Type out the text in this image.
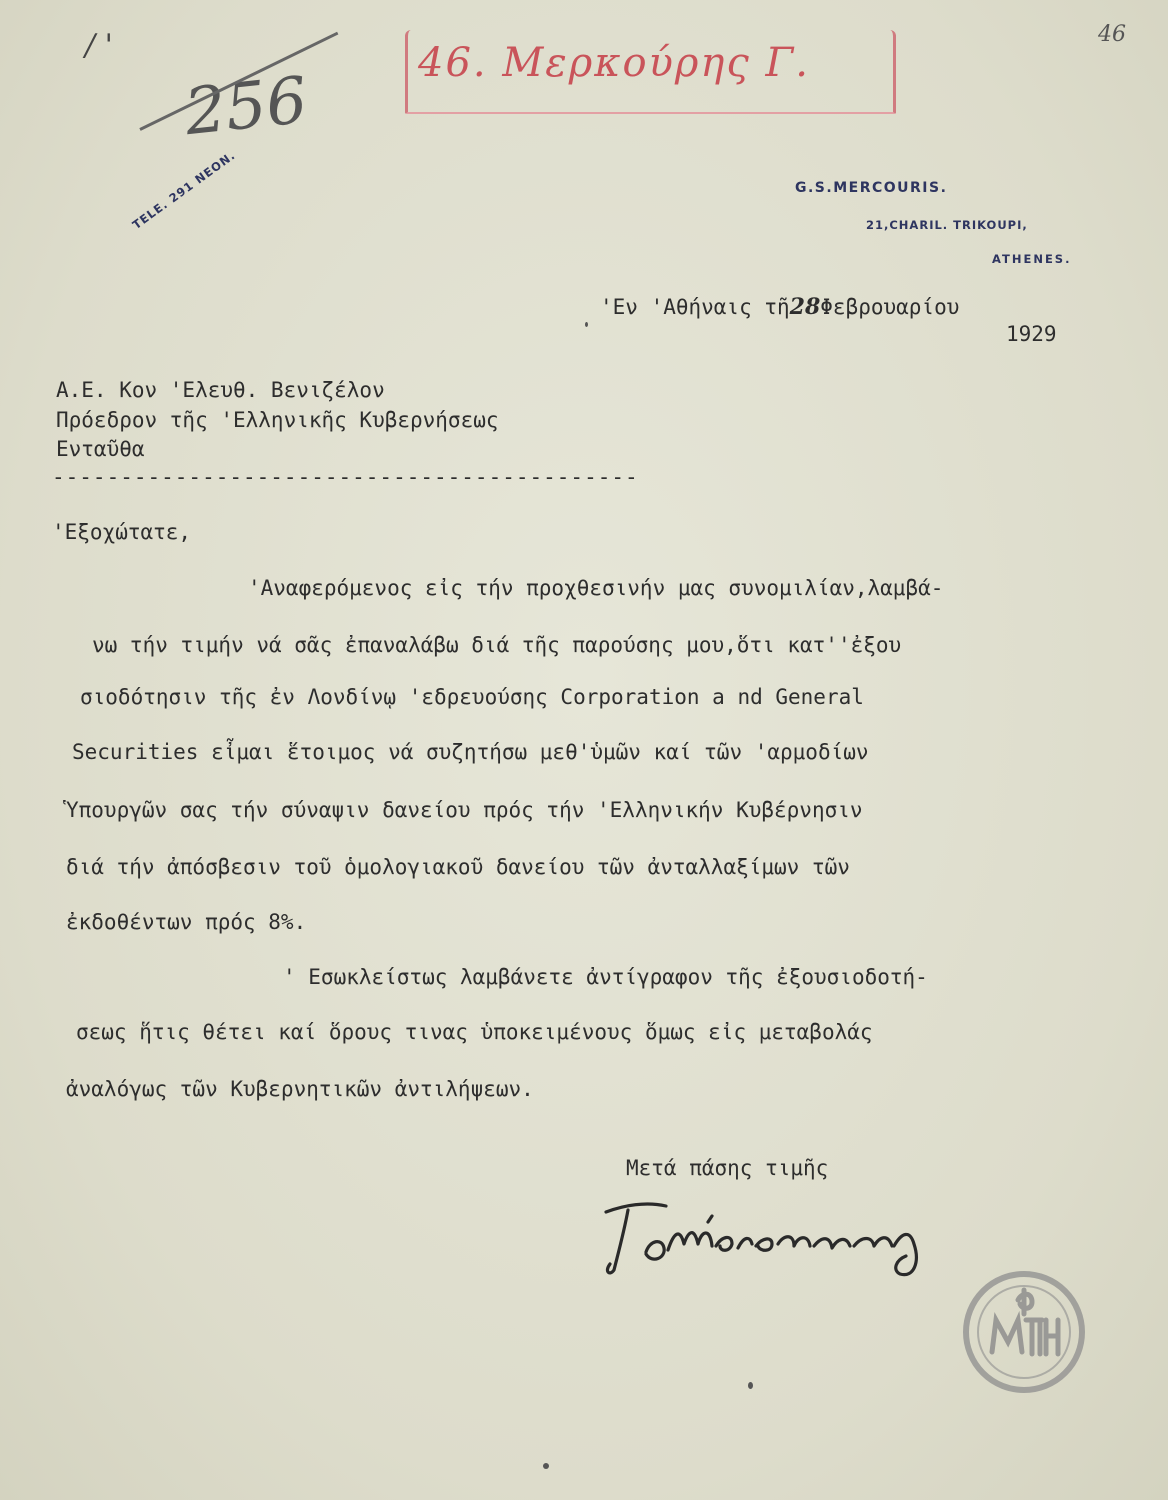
/ '
256
46. Μερκούρης Γ.
46
TELE. 291 NEON.	G.S.MERCOURIS.
21,CHARIL. TRIKOUPI,
ATHENES.
'Εν 'Αθήναις τῆ28Φεβρουαρίου
1929
Α.Ε. Κον 'Ελευθ. Βενιζέλον
Πρόεδρον τῆς 'Ελληνικῆς Κυβερνήσεως
Ενταῦθα
-------------------------------------------
'Εξοχώτατε,
'Αναφερόμενος εἰς τήν προχθεσινήν μας συνομιλίαν,λαμβά-
νω τήν τιμήν νά σᾶς ἐπαναλάβω διά τῆς παρούσης μου,ὅτι κατ''ἐξου
σιοδότησιν τῆς ἐν Λονδίνῳ 'εδρευούσης Corporation a nd General
Securities εἶμαι ἕτοιμος νά συζητήσω μεθ'ὑμῶν καί τῶν 'αρμοδίων
Ὑπουργῶν σας τήν σύναψιν δανείου πρός τήν 'Ελληνικήν Κυβέρνησιν
διά τήν ἀπόσβεσιν τοῦ ὁμολογιακοῦ δανείου τῶν ἀνταλλαξίμων τῶν
ἐκδοθέντων πρός 8%.
' Εσωκλείστως λαμβάνετε ἀντίγραφον τῆς ἐξουσιοδοτή-
σεως ἥτις θέτει καί ὅρους τινας ὑποκειμένους ὅμως εἰς μεταβολάς
ἀναλόγως τῶν Κυβερνητικῶν ἀντιλήψεων.
Μετά πάσης τιμῆς
